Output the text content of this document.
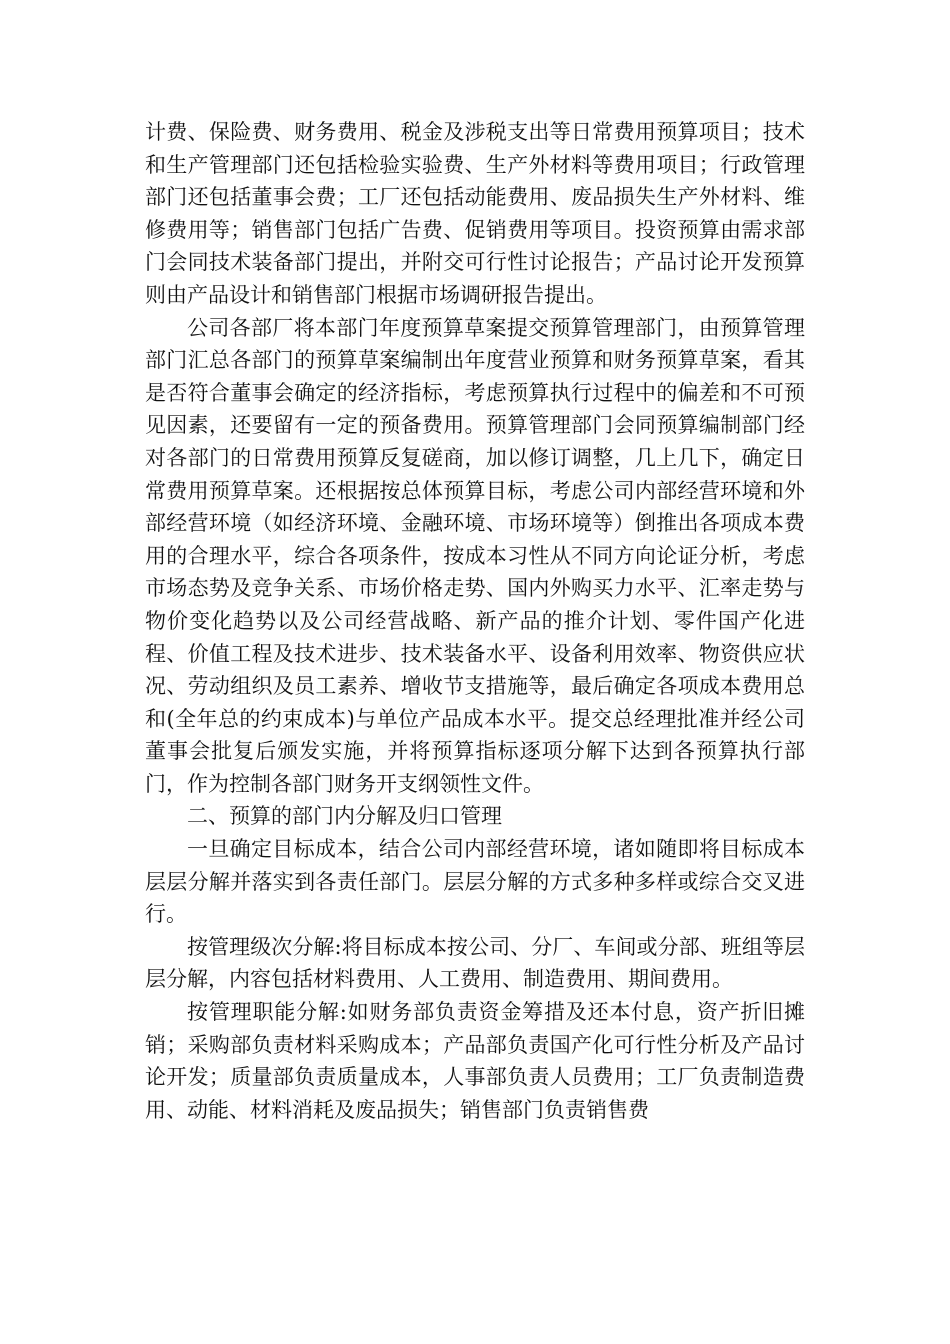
计费、保险费、财务费用、税金及涉税支出等日常费用预算项目；技术和生产管理部门还包括检验实验费、生产外材料等费用项目；行政管理部门还包括董事会费；工厂还包括动能费用、废品损失生产外材料、维修费用等；销售部门包括广告费、促销费用等项目。投资预算由需求部门会同技术装备部门提出，并附交可行性讨论报告；产品讨论开发预算则由产品设计和销售部门根据市场调研报告提出。

公司各部厂将本部门年度预算草案提交预算管理部门，由预算管理部门汇总各部门的预算草案编制出年度营业预算和财务预算草案，看其是否符合董事会确定的经济指标，考虑预算执行过程中的偏差和不可预见因素，还要留有一定的预备费用。预算管理部门会同预算编制部门经对各部门的日常费用预算反复磋商，加以修订调整，几上几下，确定日常费用预算草案。还根据按总体预算目标，考虑公司内部经营环境和外部经营环境（如经济环境、金融环境、市场环境等）倒推出各项成本费用的合理水平，综合各项条件，按成本习性从不同方向论证分析，考虑市场态势及竞争关系、市场价格走势、国内外购买力水平、汇率走势与物价变化趋势以及公司经营战略、新产品的推介计划、零件国产化进程、价值工程及技术进步、技术装备水平、设备利用效率、物资供应状况、劳动组织及员工素养、增收节支措施等，最后确定各项成本费用总和(全年总的约束成本)与单位产品成本水平。提交总经理批准并经公司董事会批复后颁发实施，并将预算指标逐项分解下达到各预算执行部门，作为控制各部门财务开支纲领性文件。

二、预算的部门内分解及归口管理

一旦确定目标成本，结合公司内部经营环境，诸如随即将目标成本层层分解并落实到各责任部门。层层分解的方式多种多样或综合交叉进行。

按管理级次分解:将目标成本按公司、分厂、车间或分部、班组等层层分解，内容包括材料费用、人工费用、制造费用、期间费用。

按管理职能分解:如财务部负责资金筹措及还本付息，资产折旧摊销；采购部负责材料采购成本；产品部负责国产化可行性分析及产品讨论开发；质量部负责质量成本，人事部负责人员费用；工厂负责制造费用、动能、材料消耗及废品损失；销售部门负责销售费
